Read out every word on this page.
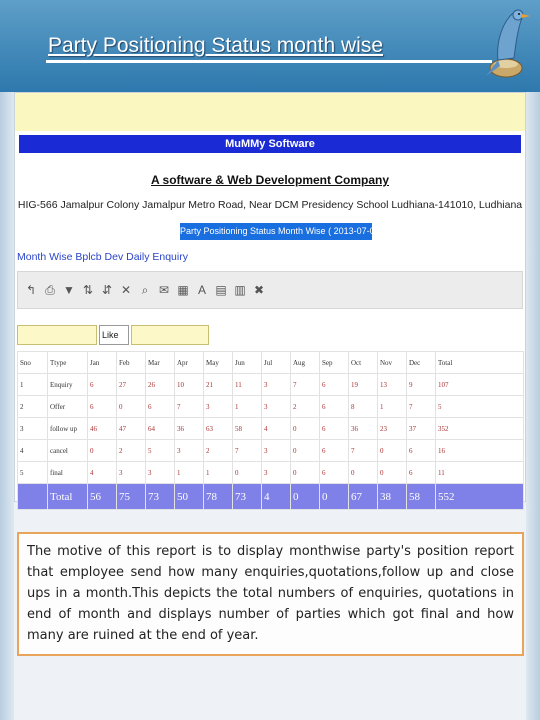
Party Positioning Status month wise
MuMMy Software
A software & Web Development Company
HIG-566 Jamalpur Colony Jamalpur Metro Road, Near DCM Presidency School Ludhiana-141010, Ludhiana
Party Positioning Status Month Wise ( 2013-07-01 to 2013-07-01 )
Month Wise Bplcb Dev Daily Enquiry
↰ ⎙ ▼ ⇅ ⇵ ✕ ⌕ ✉ ▦ A ▤ ▥ ✖
Like
Sno	Ttype	Jan	Feb	Mar	Apr	May	Jun	Jul	Aug	Sep	Oct	Nov	Dec	Total
1	Enquiry	6	27	26	10	21	11	3	7	6	19	13	9	107
2	Offer	6	0	6	7	3	1	3	2	6	8	1	7	5
3	follow up	46	47	64	36	63	58	4	0	6	36	23	37	352
4	cancel	0	2	5	3	2	7	3	0	6	7	0	6	16
5	final	4	3	3	1	1	0	3	0	6	0	0	6	11
	Total	56	75	73	50	78	73	4	0	0	67	38	58	552
The motive of this report is to display monthwise party's position report that employee send how many enquiries,quotations,follow up and close ups in a month.This depicts the total numbers of enquiries, quotations in end of month and displays number of parties which got final and how many are ruined at the end of year.
